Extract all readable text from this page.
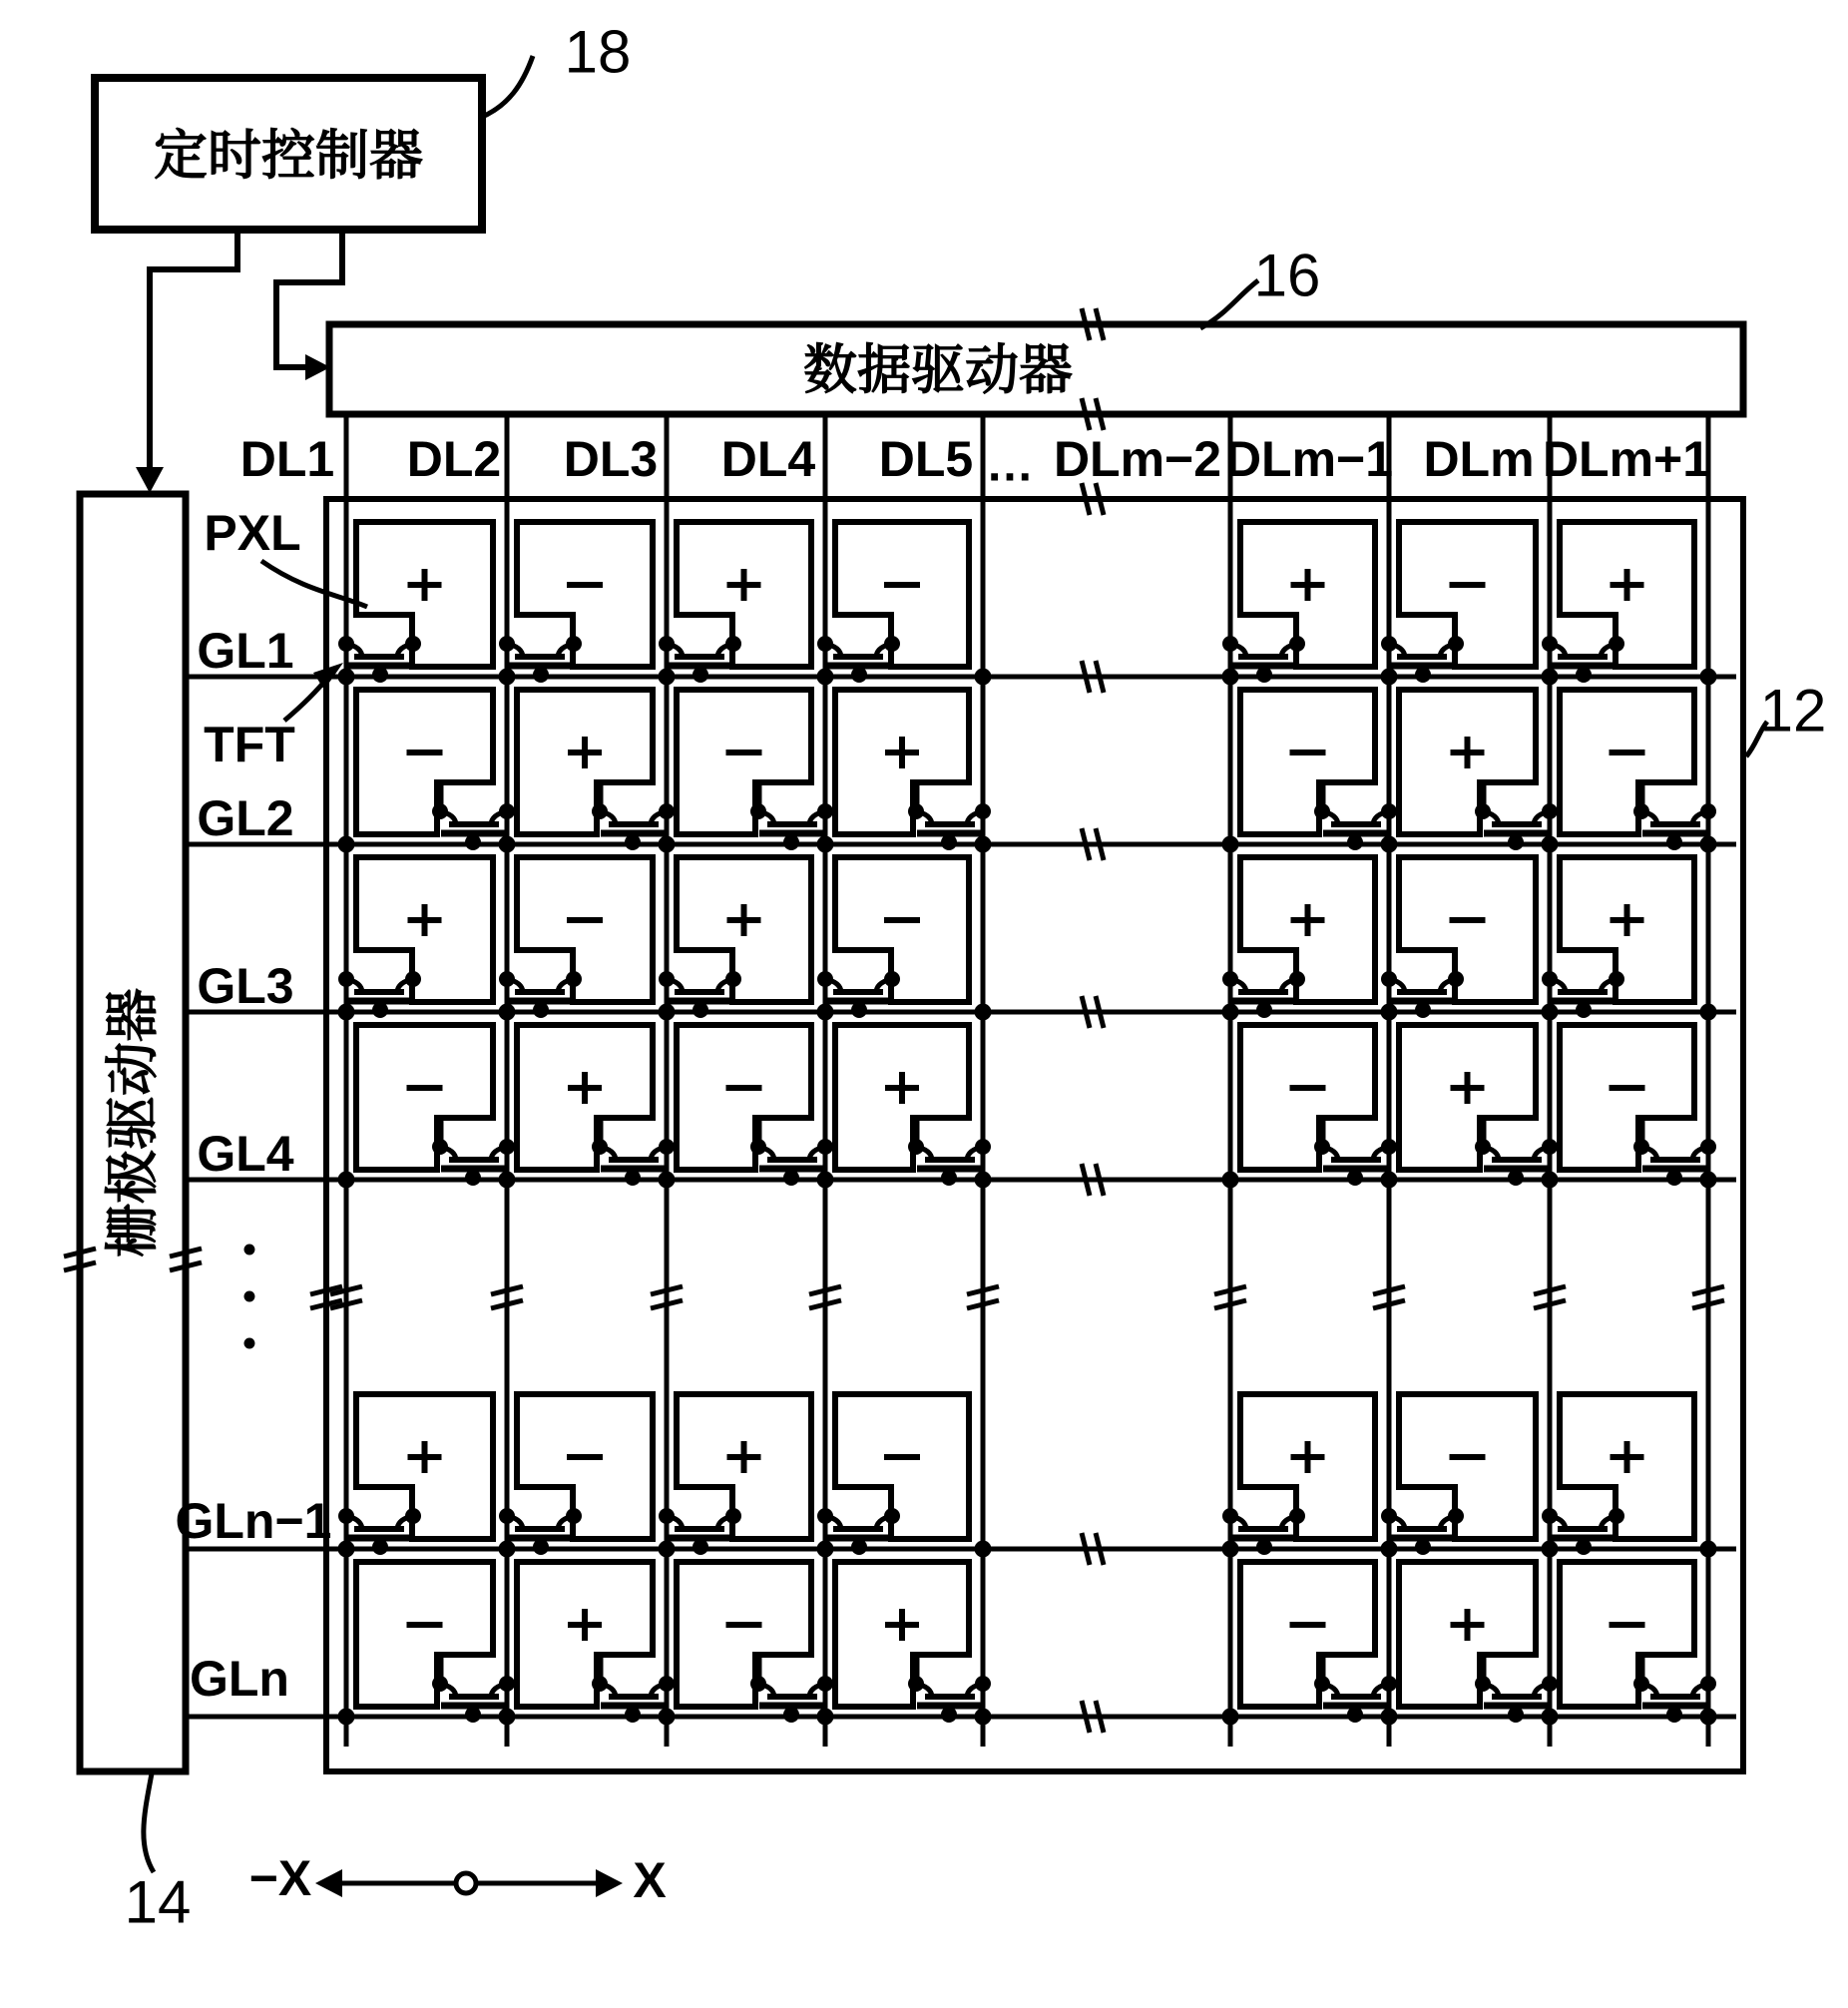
定时控制器
18
数据驱动器
16
栅极驱动器
14
12
DL1 DL2 DL3 DL4 DL5 … DLm−2 DLm−1 DLm DLm+1
GL1
GL2
GL3
GL4
GLn−1
GLn
PXL
TFT
−X	X
